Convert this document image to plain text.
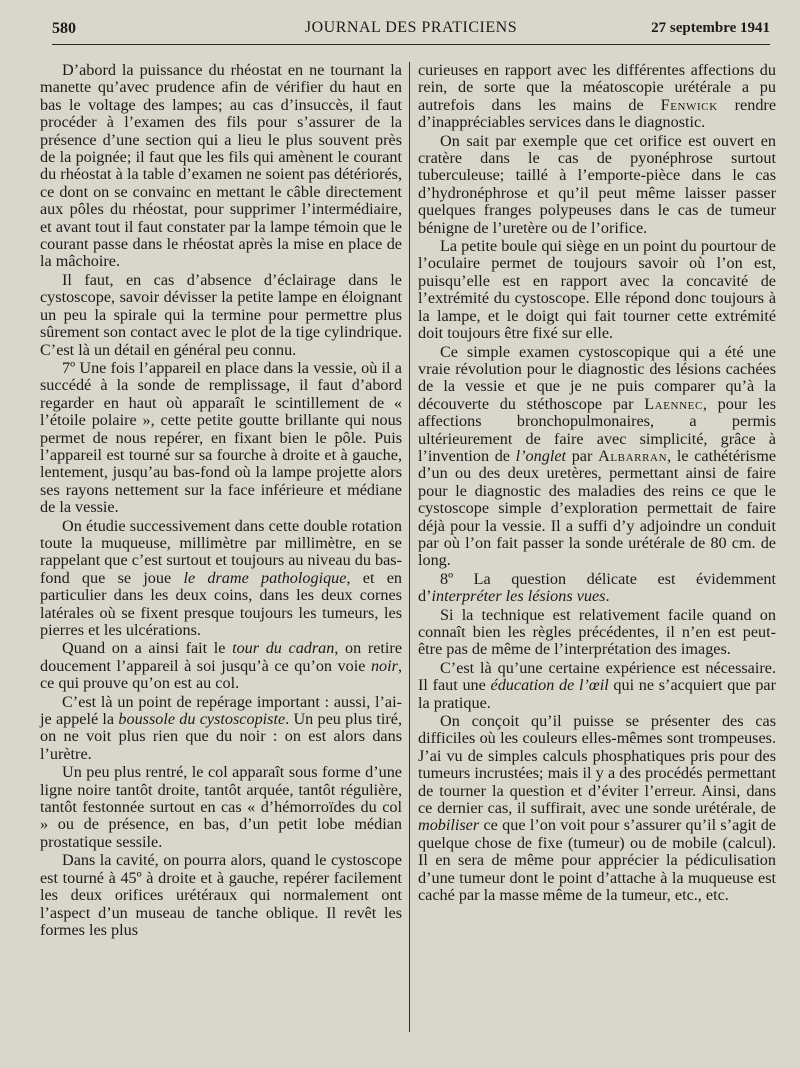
580	JOURNAL DES PRATICIENS	27 septembre 1941

D’abord la puissance du rhéostat en ne tournant la manette qu’avec prudence afin de vérifier du haut en bas le voltage des lampes; au cas d’insuccès, il faut procéder à l’examen des fils pour s’assurer de la présence d’une section qui a lieu le plus souvent près de la poignée; il faut que les fils qui amènent le courant du rhéostat à la table d’examen ne soient pas détériorés, ce dont on se convainc en mettant le câble directement aux pôles du rhéostat, pour supprimer l’intermédiaire, et avant tout il faut constater par la lampe témoin que le courant passe dans le rhéostat après la mise en place de la mâchoire.

Il faut, en cas d’absence d’éclairage dans le cystoscope, savoir dévisser la petite lampe en éloignant un peu la spirale qui la termine pour permettre plus sûrement son contact avec le plot de la tige cylindrique. C’est là un détail en général peu connu.

7º Une fois l’appareil en place dans la vessie, où il a succédé à la sonde de remplissage, il faut d’abord regarder en haut où apparaît le scintillement de « l’étoile polaire », cette petite goutte brillante qui nous permet de nous repérer, en fixant bien le pôle. Puis l’appareil est tourné sur sa fourche à droite et à gauche, lentement, jusqu’au bas-fond où la lampe projette alors ses rayons nettement sur la face inférieure et médiane de la vessie.

On étudie successivement dans cette double rotation toute la muqueuse, millimètre par millimètre, en se rappelant que c’est surtout et toujours au niveau du bas-fond que se joue le drame pathologique, et en particulier dans les deux coins, dans les deux cornes latérales où se fixent presque toujours les tumeurs, les pierres et les ulcérations.

Quand on a ainsi fait le tour du cadran, on retire doucement l’appareil à soi jusqu’à ce qu’on voie noir, ce qui prouve qu’on est au col.

C’est là un point de repérage important : aussi, l’ai-je appelé la boussole du cystoscopiste. Un peu plus tiré, on ne voit plus rien que du noir : on est alors dans l’urètre.

Un peu plus rentré, le col apparaît sous forme d’une ligne noire tantôt droite, tantôt arquée, tantôt régulière, tantôt festonnée surtout en cas « d’hémorroïdes du col » ou de présence, en bas, d’un petit lobe médian prostatique sessile.

Dans la cavité, on pourra alors, quand le cystoscope est tourné à 45º à droite et à gauche, repérer facilement les deux orifices urétéraux qui normalement ont l’aspect d’un museau de tanche oblique. Il revêt les formes les plus

curieuses en rapport avec les différentes affections du rein, de sorte que la méatoscopie urétérale a pu autrefois dans les mains de Fenwick rendre d’inappréciables services dans le diagnostic.

On sait par exemple que cet orifice est ouvert en cratère dans le cas de pyonéphrose surtout tuberculeuse; taillé à l’emporte-pièce dans le cas d’hydronéphrose et qu’il peut même laisser passer quelques franges polypeuses dans le cas de tumeur bénigne de l’uretère ou de l’orifice.

La petite boule qui siège en un point du pourtour de l’oculaire permet de toujours savoir où l’on est, puisqu’elle est en rapport avec la concavité de l’extrémité du cystoscope. Elle répond donc toujours à la lampe, et le doigt qui fait tourner cette extrémité doit toujours être fixé sur elle.

Ce simple examen cystoscopique qui a été une vraie révolution pour le diagnostic des lésions cachées de la vessie et que je ne puis comparer qu’à la découverte du stéthoscope par Laennec, pour les affections bronchopulmonaires, a permis ultérieurement de faire avec simplicité, grâce à l’invention de l’onglet par Albarran, le cathétérisme d’un ou des deux uretères, permettant ainsi de faire pour le diagnostic des maladies des reins ce que le cystoscope simple d’exploration permettait de faire déjà pour la vessie. Il a suffi d’y adjoindre un conduit par où l’on fait passer la sonde urétérale de 80 cm. de long.

8º La question délicate est évidemment d’interpréter les lésions vues.

Si la technique est relativement facile quand on connaît bien les règles précédentes, il n’en est peut-être pas de même de l’interprétation des images.

C’est là qu’une certaine expérience est nécessaire. Il faut une éducation de l’œil qui ne s’acquiert que par la pratique.

On conçoit qu’il puisse se présenter des cas difficiles où les couleurs elles-mêmes sont trompeuses. J’ai vu de simples calculs phosphatiques pris pour des tumeurs incrustées; mais il y a des procédés permettant de tourner la question et d’éviter l’erreur. Ainsi, dans ce dernier cas, il suffirait, avec une sonde urétérale, de mobiliser ce que l’on voit pour s’assurer qu’il s’agit de quelque chose de fixe (tumeur) ou de mobile (calcul). Il en sera de même pour apprécier la pédiculisation d’une tumeur dont le point d’attache à la muqueuse est caché par la masse même de la tumeur, etc., etc.
